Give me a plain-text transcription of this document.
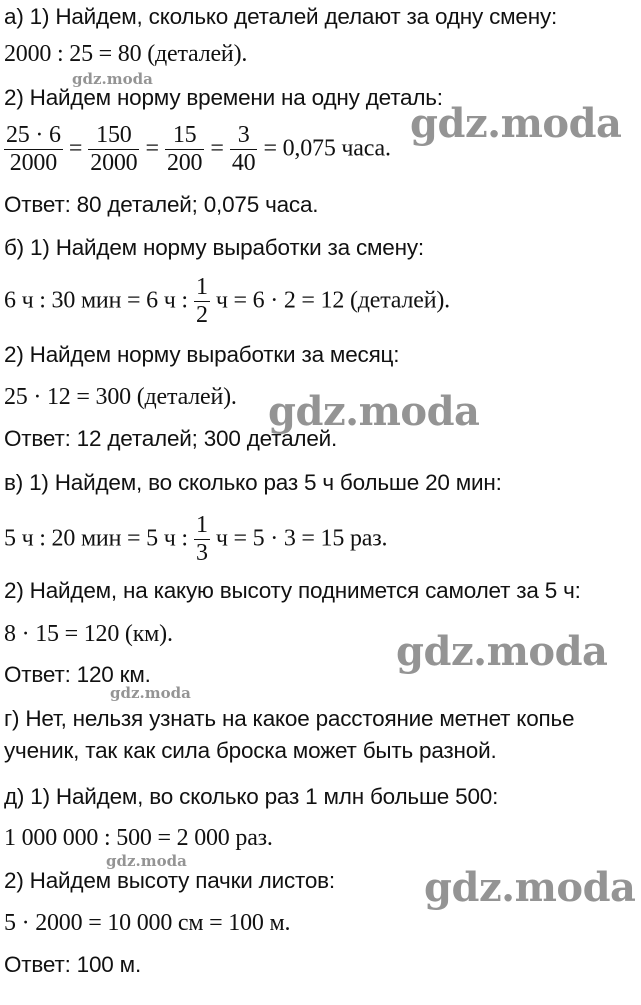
а) 1) Найдем, сколько деталей делают за одну смену:
2000 : 25 = 80 (деталей).
2) Найдем норму времени на одну деталь:
$\frac{25 \cdot 6}{2000} = \frac{150}{2000} = \frac{15}{200} = \frac{3}{40} = 0,075$ часа.
Ответ: 80 деталей; 0,075 часа.
б) 1) Найдем норму выработки за смену:
6 ч : 30 мин = 6 ч : $\frac{1}{2}$ ч = 6 · 2 = 12 (деталей).
2) Найдем норму выработки за месяц:
25 · 12 = 300 (деталей).
Ответ: 12 деталей; 300 деталей.
в) 1) Найдем, во сколько раз 5 ч больше 20 мин:
5 ч : 20 мин = 5 ч : $\frac{1}{3}$ ч = 5 · 3 = 15 раз.
2) Найдем, на какую высоту поднимется самолет за 5 ч:
8 · 15 = 120 (км).
Ответ: 120 км.
г) Нет, нельзя узнать на какое расстояние метнет копье
ученик, так как сила броска может быть разной.
д) 1) Найдем, во сколько раз 1 млн больше 500:
1 000 000 : 500 = 2 000 раз.
2) Найдем высоту пачки листов:
5 · 2000 = 10 000 см = 100 м.
Ответ: 100 м.
gdz.moda
gdz.moda
gdz.moda
gdz.moda
gdz.moda
gdz.moda
gdz.moda
